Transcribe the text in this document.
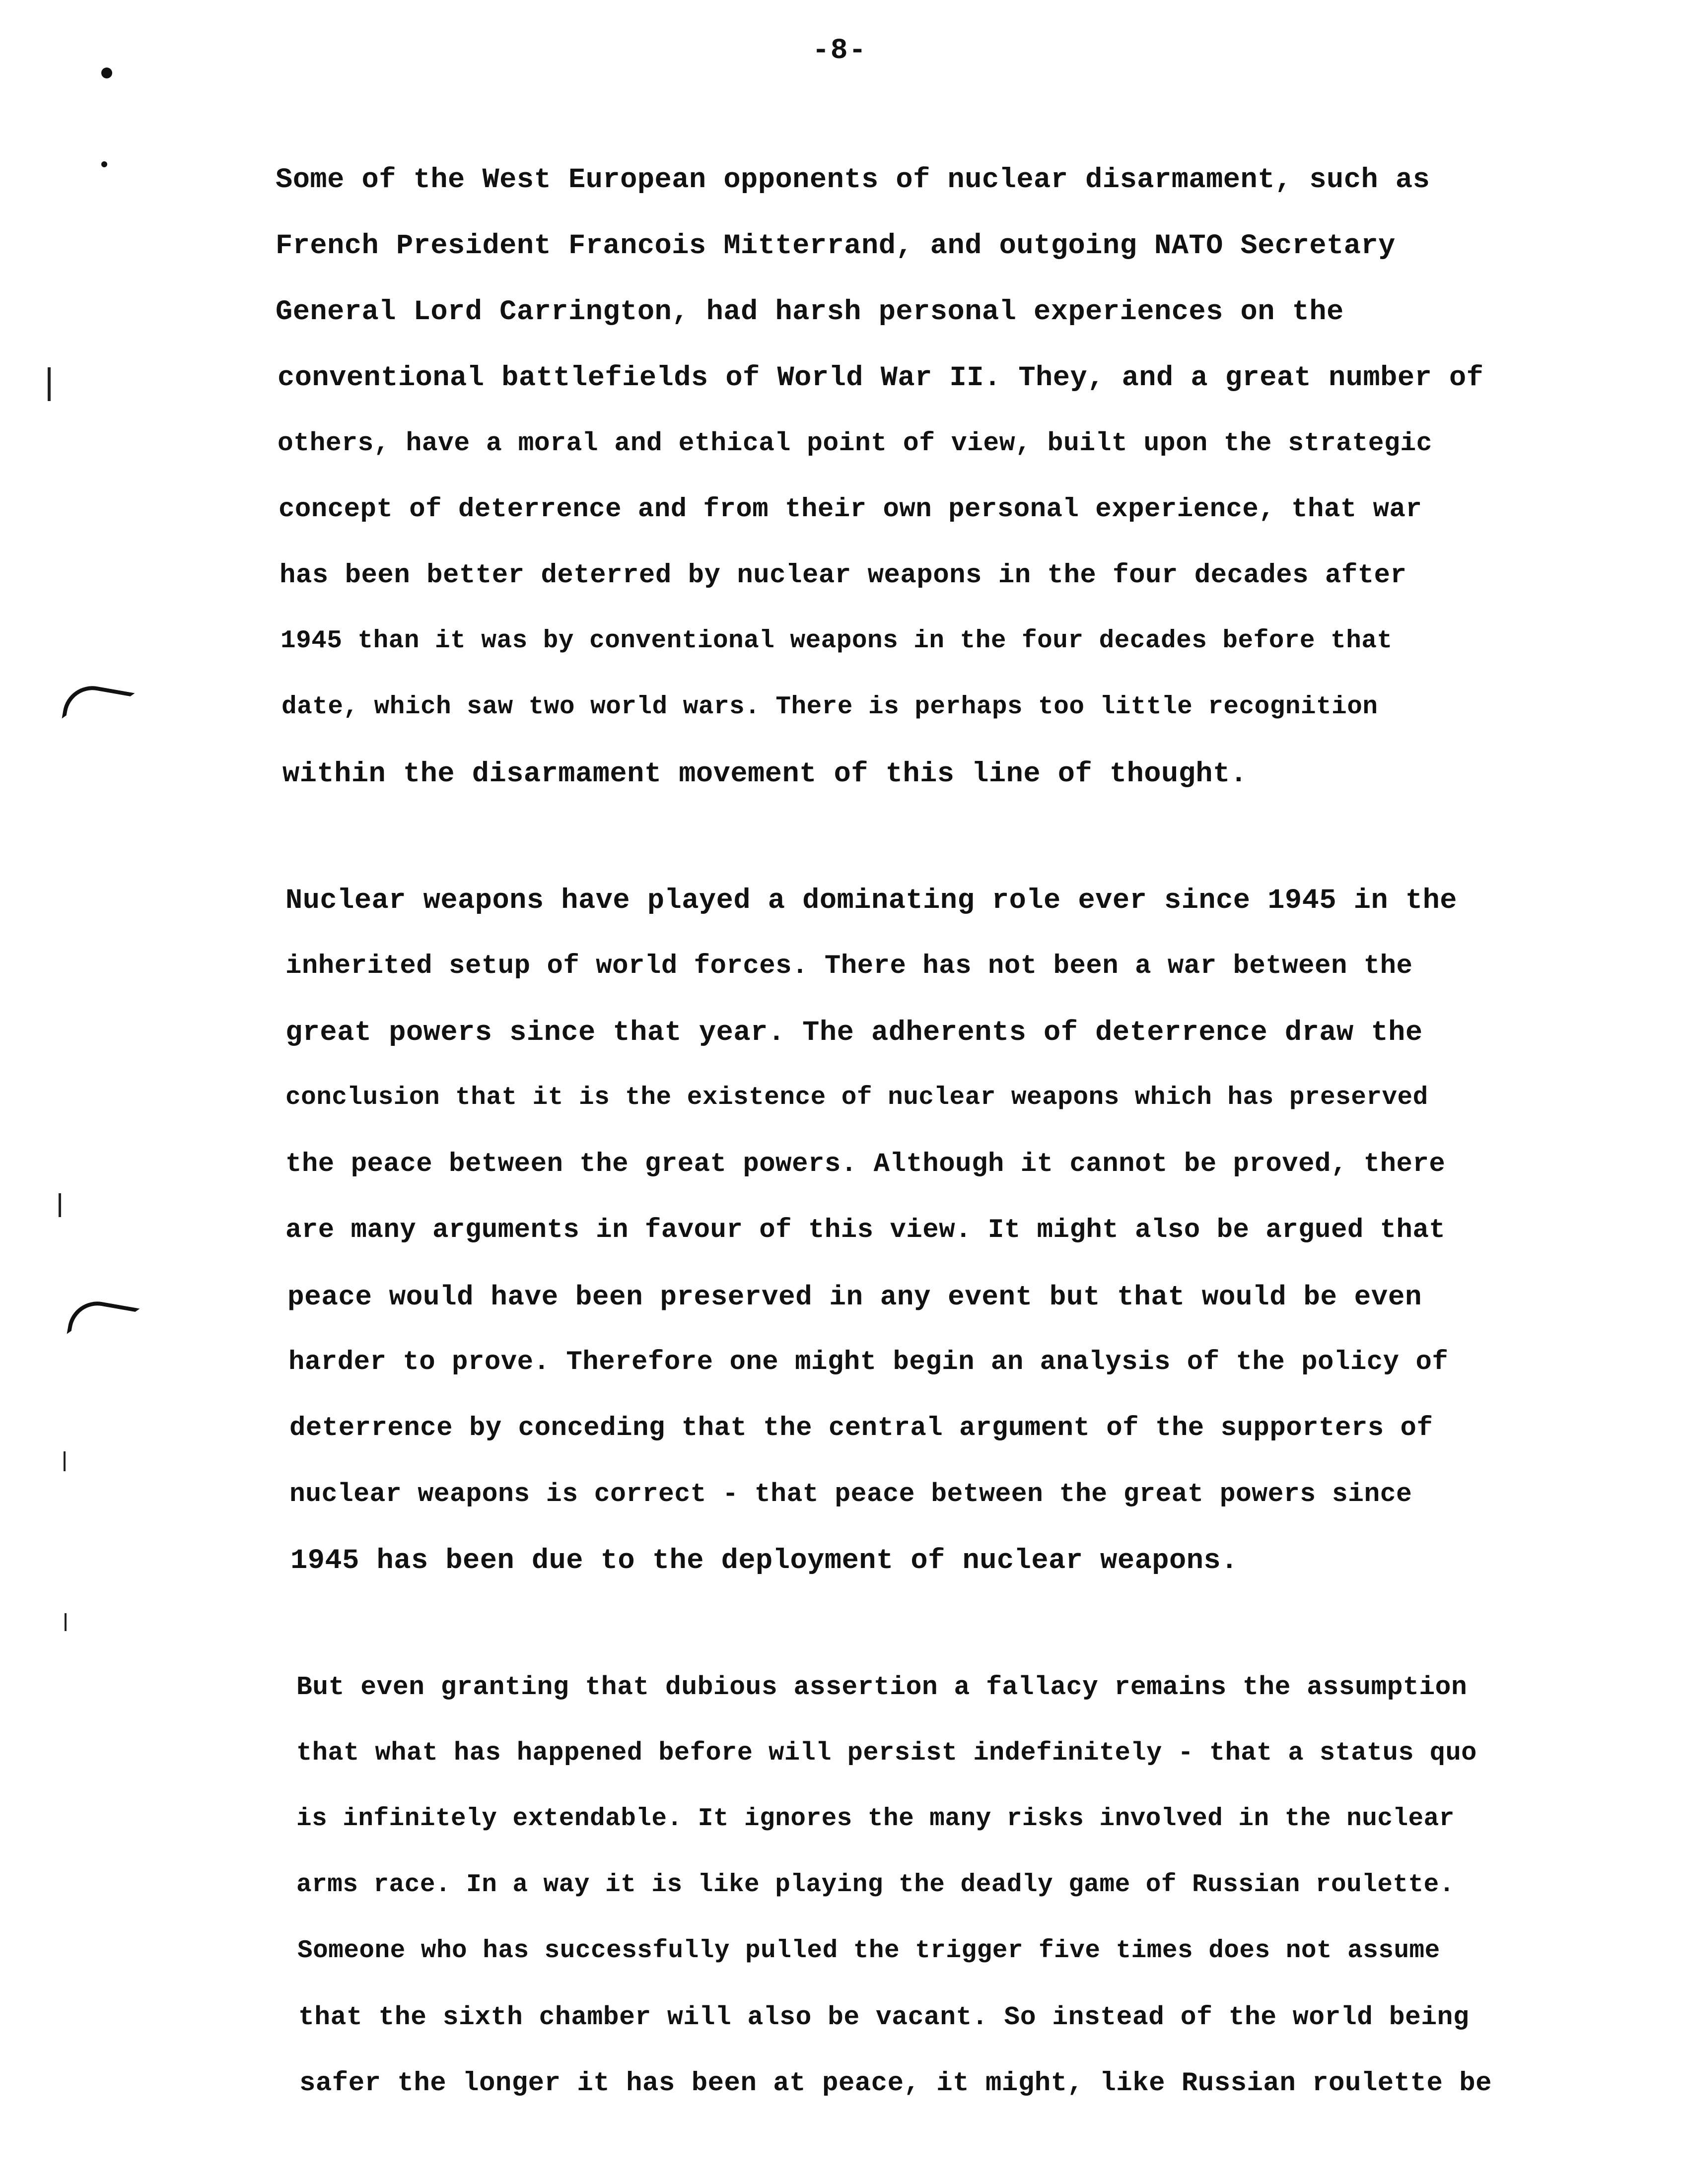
-8-
Some of the West European opponents of nuclear disarmament, such as
French President Francois Mitterrand, and outgoing NATO Secretary
General Lord Carrington, had harsh personal experiences on the
conventional battlefields of World War II. They, and a great number of
others, have a moral and ethical point of view, built upon the strategic
concept of deterrence and from their own personal experience, that war
has been better deterred by nuclear weapons in the four decades after
1945 than it was by conventional weapons in the four decades before that
date, which saw two world wars. There is perhaps too little recognition
within the disarmament movement of this line of thought.
Nuclear weapons have played a dominating role ever since 1945 in the
inherited setup of world forces. There has not been a war between the
great powers since that year. The adherents of deterrence draw the
conclusion that it is the existence of nuclear weapons which has preserved
the peace between the great powers. Although it cannot be proved, there
are many arguments in favour of this view. It might also be argued that
peace would have been preserved in any event but that would be even
harder to prove. Therefore one might begin an analysis of the policy of
deterrence by conceding that the central argument of the supporters of
nuclear weapons is correct - that peace between the great powers since
1945 has been due to the deployment of nuclear weapons.
But even granting that dubious assertion a fallacy remains the assumption
that what has happened before will persist indefinitely - that a status quo
is infinitely extendable. It ignores the many risks involved in the nuclear
arms race. In a way it is like playing the deadly game of Russian roulette.
Someone who has successfully pulled the trigger five times does not assume
that the sixth chamber will also be vacant. So instead of the world being
safer the longer it has been at peace, it might, like Russian roulette be
